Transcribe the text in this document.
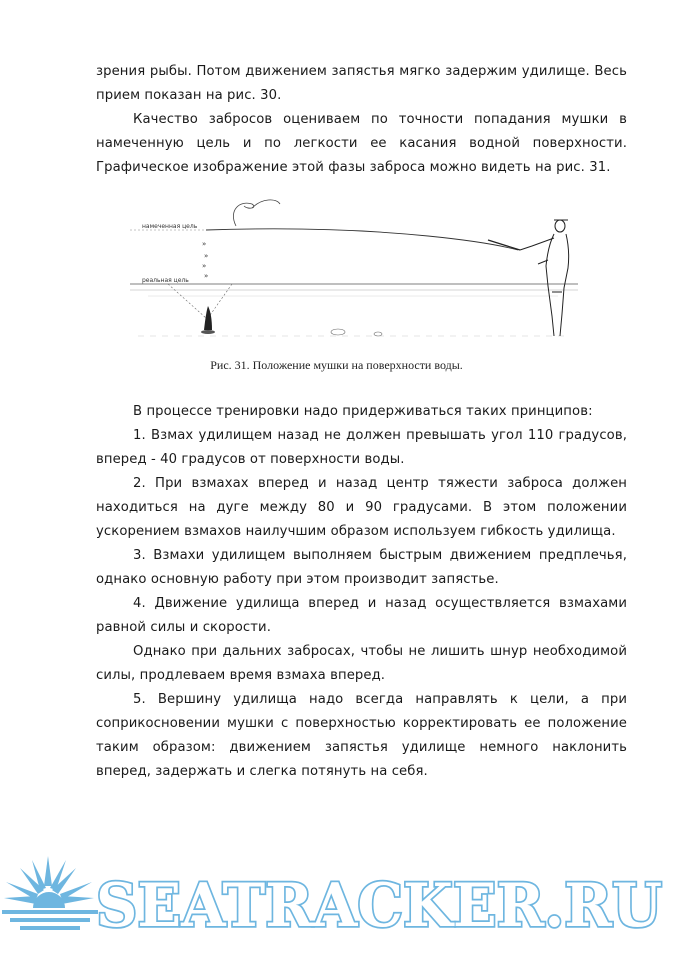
зрения рыбы. Потом движением запястья мягко задержим удилище. Весь прием показан на рис. 30.

Качество забросов оцениваем по точности попадания мушки в намеченную цель и по легкости ее касания водной поверхности. Графическое изображение этой фазы заброса можно видеть на рис. 31.

намеченная цель
реальная цель
»
»
»
»
Рис. 31. Положение мушки на поверхности воды.

В процессе тренировки надо придерживаться таких принципов:

1. Взмах удилищем назад не должен превышать угол 110 градусов, вперед - 40 градусов от поверхности воды.

2. При взмахах вперед и назад центр тяжести заброса должен находиться на дуге между 80 и 90 градусами. В этом положении ускорением взмахов наилучшим образом используем гибкость удилища.

3. Взмахи удилищем выполняем быстрым движением предплечья, однако основную работу при этом производит запястье.

4. Движение удилища вперед и назад осуществляется взмахами равной силы и скорости.

Однако при дальних забросах, чтобы не лишить шнур необходимой силы, продлеваем время взмаха вперед.

5. Вершину удилища надо всегда направлять к цели, а при соприкосновении мушки с поверхностью корректировать ее положение таким образом: движением запястья удилище немного наклонить вперед, задержать и слегка потянуть на себя.

SEATRACKER.RU
